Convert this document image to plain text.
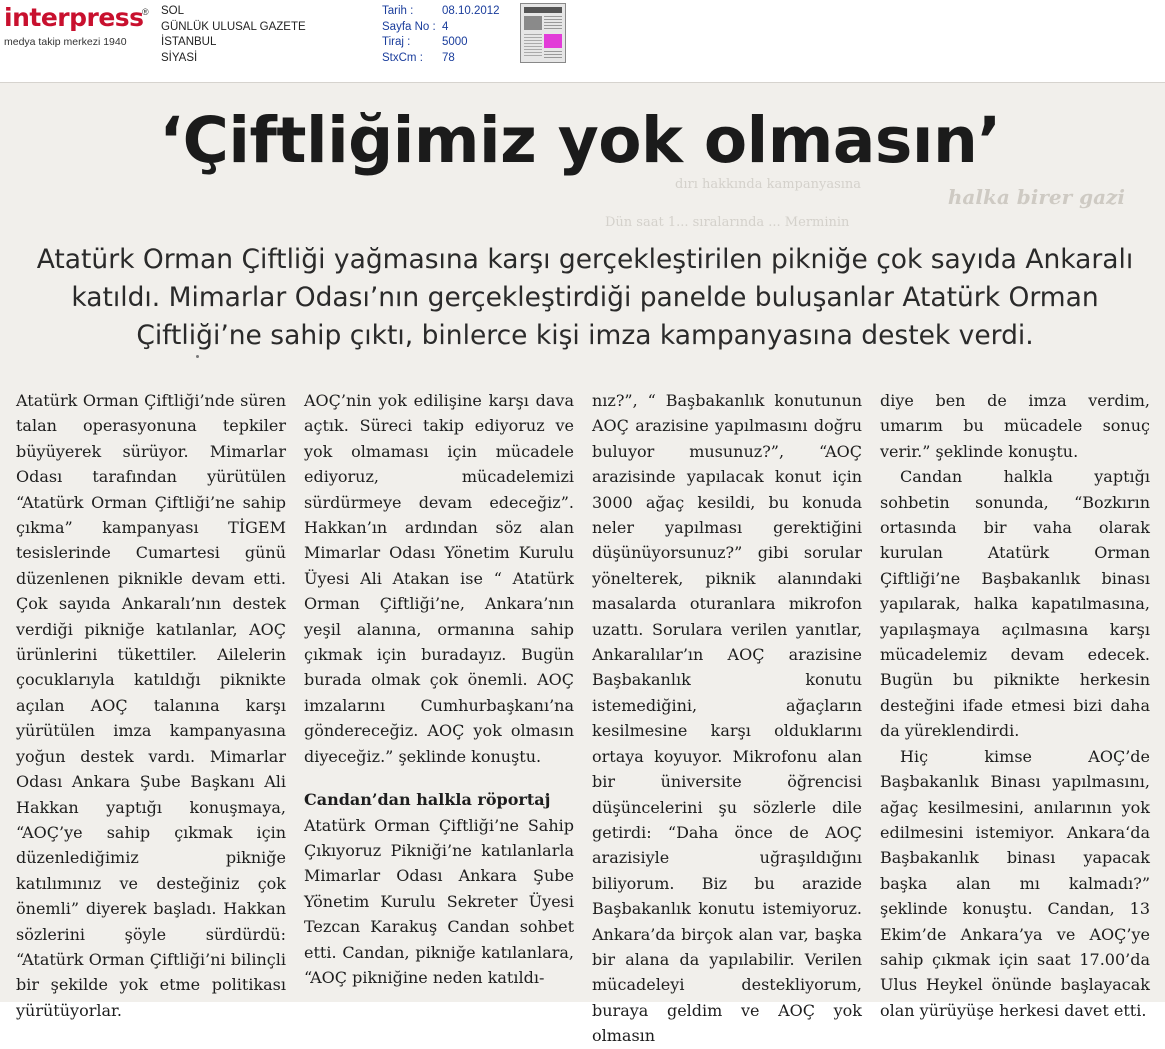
interpress
®
medya takip merkezi 1940
SOL
GÜNLÜK ULUSAL GAZETE
İSTANBUL
SİYASİ
Tarih :	08.10.2012
Sayfa No : 4
Tiraj :	5000
StxCm :	78
dırı hakkında kampanyasına
Dün saat 1... sıralarında ... Merminin
halka birer gazi
‘Çiftliğimiz yok olmasın’
Atatürk Orman Çiftliği yağmasına karşı gerçekleştirilen pikniğe çok sayıda Ankaralı katıldı. Mimarlar Odası’nın gerçekleştirdiği panelde buluşanlar Atatürk Orman Çiftliği’ne sahip çıktı, binlerce kişi imza kampanyasına destek verdi.

Atatürk Orman Çiftliği’nde süren talan operasyonuna tepkiler büyüyerek sürüyor. Mimarlar Odası tarafından yürütülen “Atatürk Orman Çiftliği’ne sahip çıkma” kampanyası TİGEM tesislerinde Cumartesi günü düzenlenen piknikle devam etti. Çok sayıda Ankaralı’nın destek verdiği pikniğe katılanlar, AOÇ ürünlerini tükettiler. Ailelerin çocuklarıyla katıldığı piknikte açılan AOÇ talanına karşı yürütülen imza kampanyasına yoğun destek vardı. Mimarlar Odası Ankara Şube Başkanı Ali Hakkan yaptığı konuşmaya, “AOÇ’ye sahip çıkmak için düzenlediğimiz pikniğe katılımınız ve desteğiniz çok önemli” diyerek başladı. Hakkan sözlerini şöyle sürdürdü: “Atatürk Orman Çiftliği’ni bilinçli bir şekilde yok etme politikası yürütüyorlar.

AOÇ’nin yok edilişine karşı dava açtık. Süreci takip ediyoruz ve yok olmaması için mücadele ediyoruz, mücadelemizi sürdürmeye devam edeceğiz”. Hakkan’ın ardından söz alan Mimarlar Odası Yönetim Kurulu Üyesi Ali Atakan ise “ Atatürk Orman Çiftliği’ne, Ankara’nın yeşil alanına, ormanına sahip çıkmak için buradayız. Bugün burada olmak çok önemli. AOÇ imzalarını Cumhurbaşkanı’na göndereceğiz. AOÇ yok olmasın diyeceğiz.” şeklinde konuştu.

Candan’dan halkla röportaj

Atatürk Orman Çiftliği’ne Sahip Çıkıyoruz Pikniği’ne katılanlarla Mimarlar Odası Ankara Şube Yönetim Kurulu Sekreter Üyesi Tezcan Karakuş Candan sohbet etti. Candan, pikniğe katılanlara, “AOÇ pikniğine neden katıldı-

nız?”, “ Başbakanlık konutunun AOÇ arazisine yapılmasını doğru buluyor musunuz?”, “AOÇ arazisinde yapılacak konut için 3000 ağaç kesildi, bu konuda neler yapılması gerektiğini düşünüyorsunuz?” gibi sorular yönelterek, piknik alanındaki masalarda oturanlara mikrofon uzattı. Sorulara verilen yanıtlar, Ankaralılar’ın AOÇ arazisine Başbakanlık konutu istemediğini, ağaçların kesilmesine karşı olduklarını ortaya koyuyor. Mikrofonu alan bir üniversite öğrencisi düşüncelerini şu sözlerle dile getirdi: “Daha önce de AOÇ arazisiyle uğraşıldığını biliyorum. Biz bu arazide Başbakanlık konutu istemiyoruz. Ankara’da birçok alan var, başka bir alana da yapılabilir. Verilen mücadeleyi destekliyorum, buraya geldim ve AOÇ yok olmasın

diye ben de imza verdim, umarım bu mücadele sonuç verir.” şeklinde konuştu.

Candan halkla yaptığı sohbetin sonunda, “Bozkırın ortasında bir vaha olarak kurulan Atatürk Orman Çiftliği’ne Başbakanlık binası yapılarak, halka kapatılmasına, yapılaşmaya açılmasına karşı mücadelemiz devam edecek. Bugün bu piknikte herkesin desteğini ifade etmesi bizi daha da yüreklendirdi.

Hiç kimse AOÇ’de Başbakanlık Binası yapılmasını, ağaç kesilmesini, anılarının yok edilmesini istemiyor. Ankara‘da Başbakanlık binası yapacak başka alan mı kalmadı?” şeklinde konuştu. Candan, 13 Ekim’de Ankara’ya ve AOÇ’ye sahip çıkmak için saat 17.00’da Ulus Heykel önünde başlayacak olan yürüyüşe herkesi davet etti.
